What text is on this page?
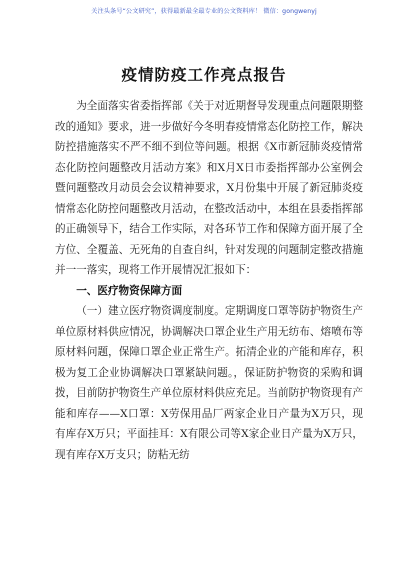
关注头条号“公文研究”，获得最新最全最专业的公文资料库！ 微信：gongwenyj
疫情防疫工作亮点报告

为全面落实省委指挥部《关于对近期督导发现重点问题限期整改的通知》要求，进一步做好今冬明春疫情常态化防控工作，解决防控措施落实不严不细不到位等问题。根据《X市新冠肺炎疫情常态化防控问题整改月活动方案》和X月X日市委指挥部办公室例会暨问题整改月动员会会议精神要求，X月份集中开展了新冠肺炎疫情常态化防控问题整改月活动，在整改活动中，本组在县委指挥部的正确领导下，结合工作实际，对各环节工作和保障方面开展了全方位、全覆盖、无死角的自查自纠，针对发现的问题制定整改措施并一一落实，现将工作开展情况汇报如下：

一、医疗物资保障方面

（一）建立医疗物资调度制度。定期调度口罩等防护物资生产单位原材料供应情况，协调解决口罩企业生产用无纺布、熔喷布等原材料问题，保障口罩企业正常生产。拓清企业的产能和库存，积极为复工企业协调解决口罩紧缺问题。，保证防护物资的采购和调拨，目前防护物资生产单位原材料供应充足。当前防护物资现有产能和库存——X口罩：X劳保用品厂两家企业日产量为X万只，现有库存X万只；平面挂耳：X有限公司等X家企业日产量为X万只，现有库存X万支只；防粘无纺
